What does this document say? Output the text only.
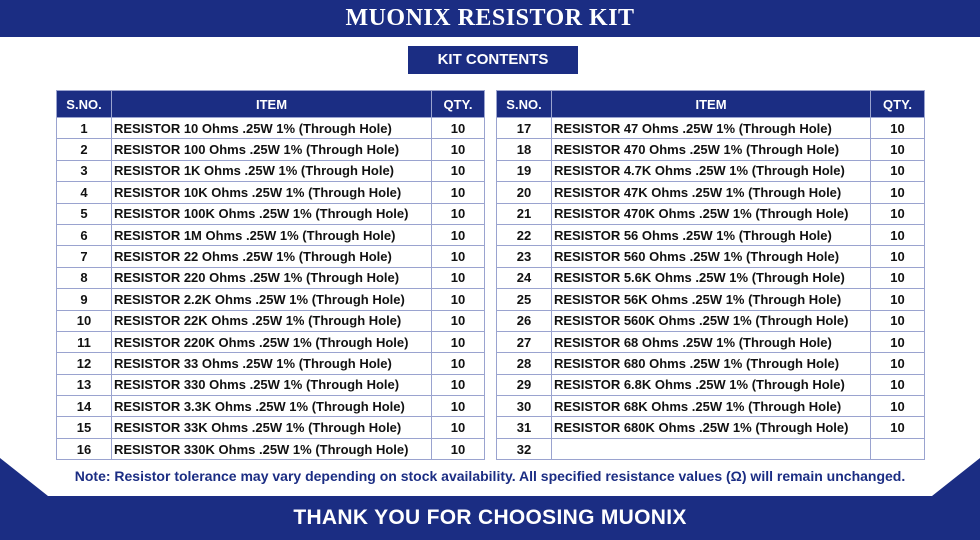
MUONIX RESISTOR KIT
KIT CONTENTS
S.NO.	ITEM	QTY.
1	RESISTOR 10 Ohms .25W 1% (Through Hole)	10
2	RESISTOR 100 Ohms .25W 1% (Through Hole)	10
3	RESISTOR 1K Ohms .25W 1% (Through Hole)	10
4	RESISTOR 10K Ohms .25W 1% (Through Hole)	10
5	RESISTOR 100K Ohms .25W 1% (Through Hole)	10
6	RESISTOR 1M Ohms .25W 1% (Through Hole)	10
7	RESISTOR 22 Ohms .25W 1% (Through Hole)	10
8	RESISTOR 220 Ohms .25W 1% (Through Hole)	10
9	RESISTOR 2.2K Ohms .25W 1% (Through Hole)	10
10	RESISTOR 22K Ohms .25W 1% (Through Hole)	10
11	RESISTOR 220K Ohms .25W 1% (Through Hole)	10
12	RESISTOR 33 Ohms .25W 1% (Through Hole)	10
13	RESISTOR 330 Ohms .25W 1% (Through Hole)	10
14	RESISTOR 3.3K Ohms .25W 1% (Through Hole)	10
15	RESISTOR 33K Ohms .25W 1% (Through Hole)	10
16	RESISTOR 330K Ohms .25W 1% (Through Hole)	10
S.NO.	ITEM	QTY.
17	RESISTOR 47 Ohms .25W 1% (Through Hole)	10
18	RESISTOR 470 Ohms .25W 1% (Through Hole)	10
19	RESISTOR 4.7K Ohms .25W 1% (Through Hole)	10
20	RESISTOR 47K Ohms .25W 1% (Through Hole)	10
21	RESISTOR 470K Ohms .25W 1% (Through Hole)	10
22	RESISTOR 56 Ohms .25W 1% (Through Hole)	10
23	RESISTOR 560 Ohms .25W 1% (Through Hole)	10
24	RESISTOR 5.6K Ohms .25W 1% (Through Hole)	10
25	RESISTOR 56K Ohms .25W 1% (Through Hole)	10
26	RESISTOR 560K Ohms .25W 1% (Through Hole)	10
27	RESISTOR 68 Ohms .25W 1% (Through Hole)	10
28	RESISTOR 680 Ohms .25W 1% (Through Hole)	10
29	RESISTOR 6.8K Ohms .25W 1% (Through Hole)	10
30	RESISTOR 68K Ohms .25W 1% (Through Hole)	10
31	RESISTOR 680K Ohms .25W 1% (Through Hole)	10
32		
Note: Resistor tolerance may vary depending on stock availability. All specified resistance values (Ω) will remain unchanged.
THANK YOU FOR CHOOSING MUONIX
